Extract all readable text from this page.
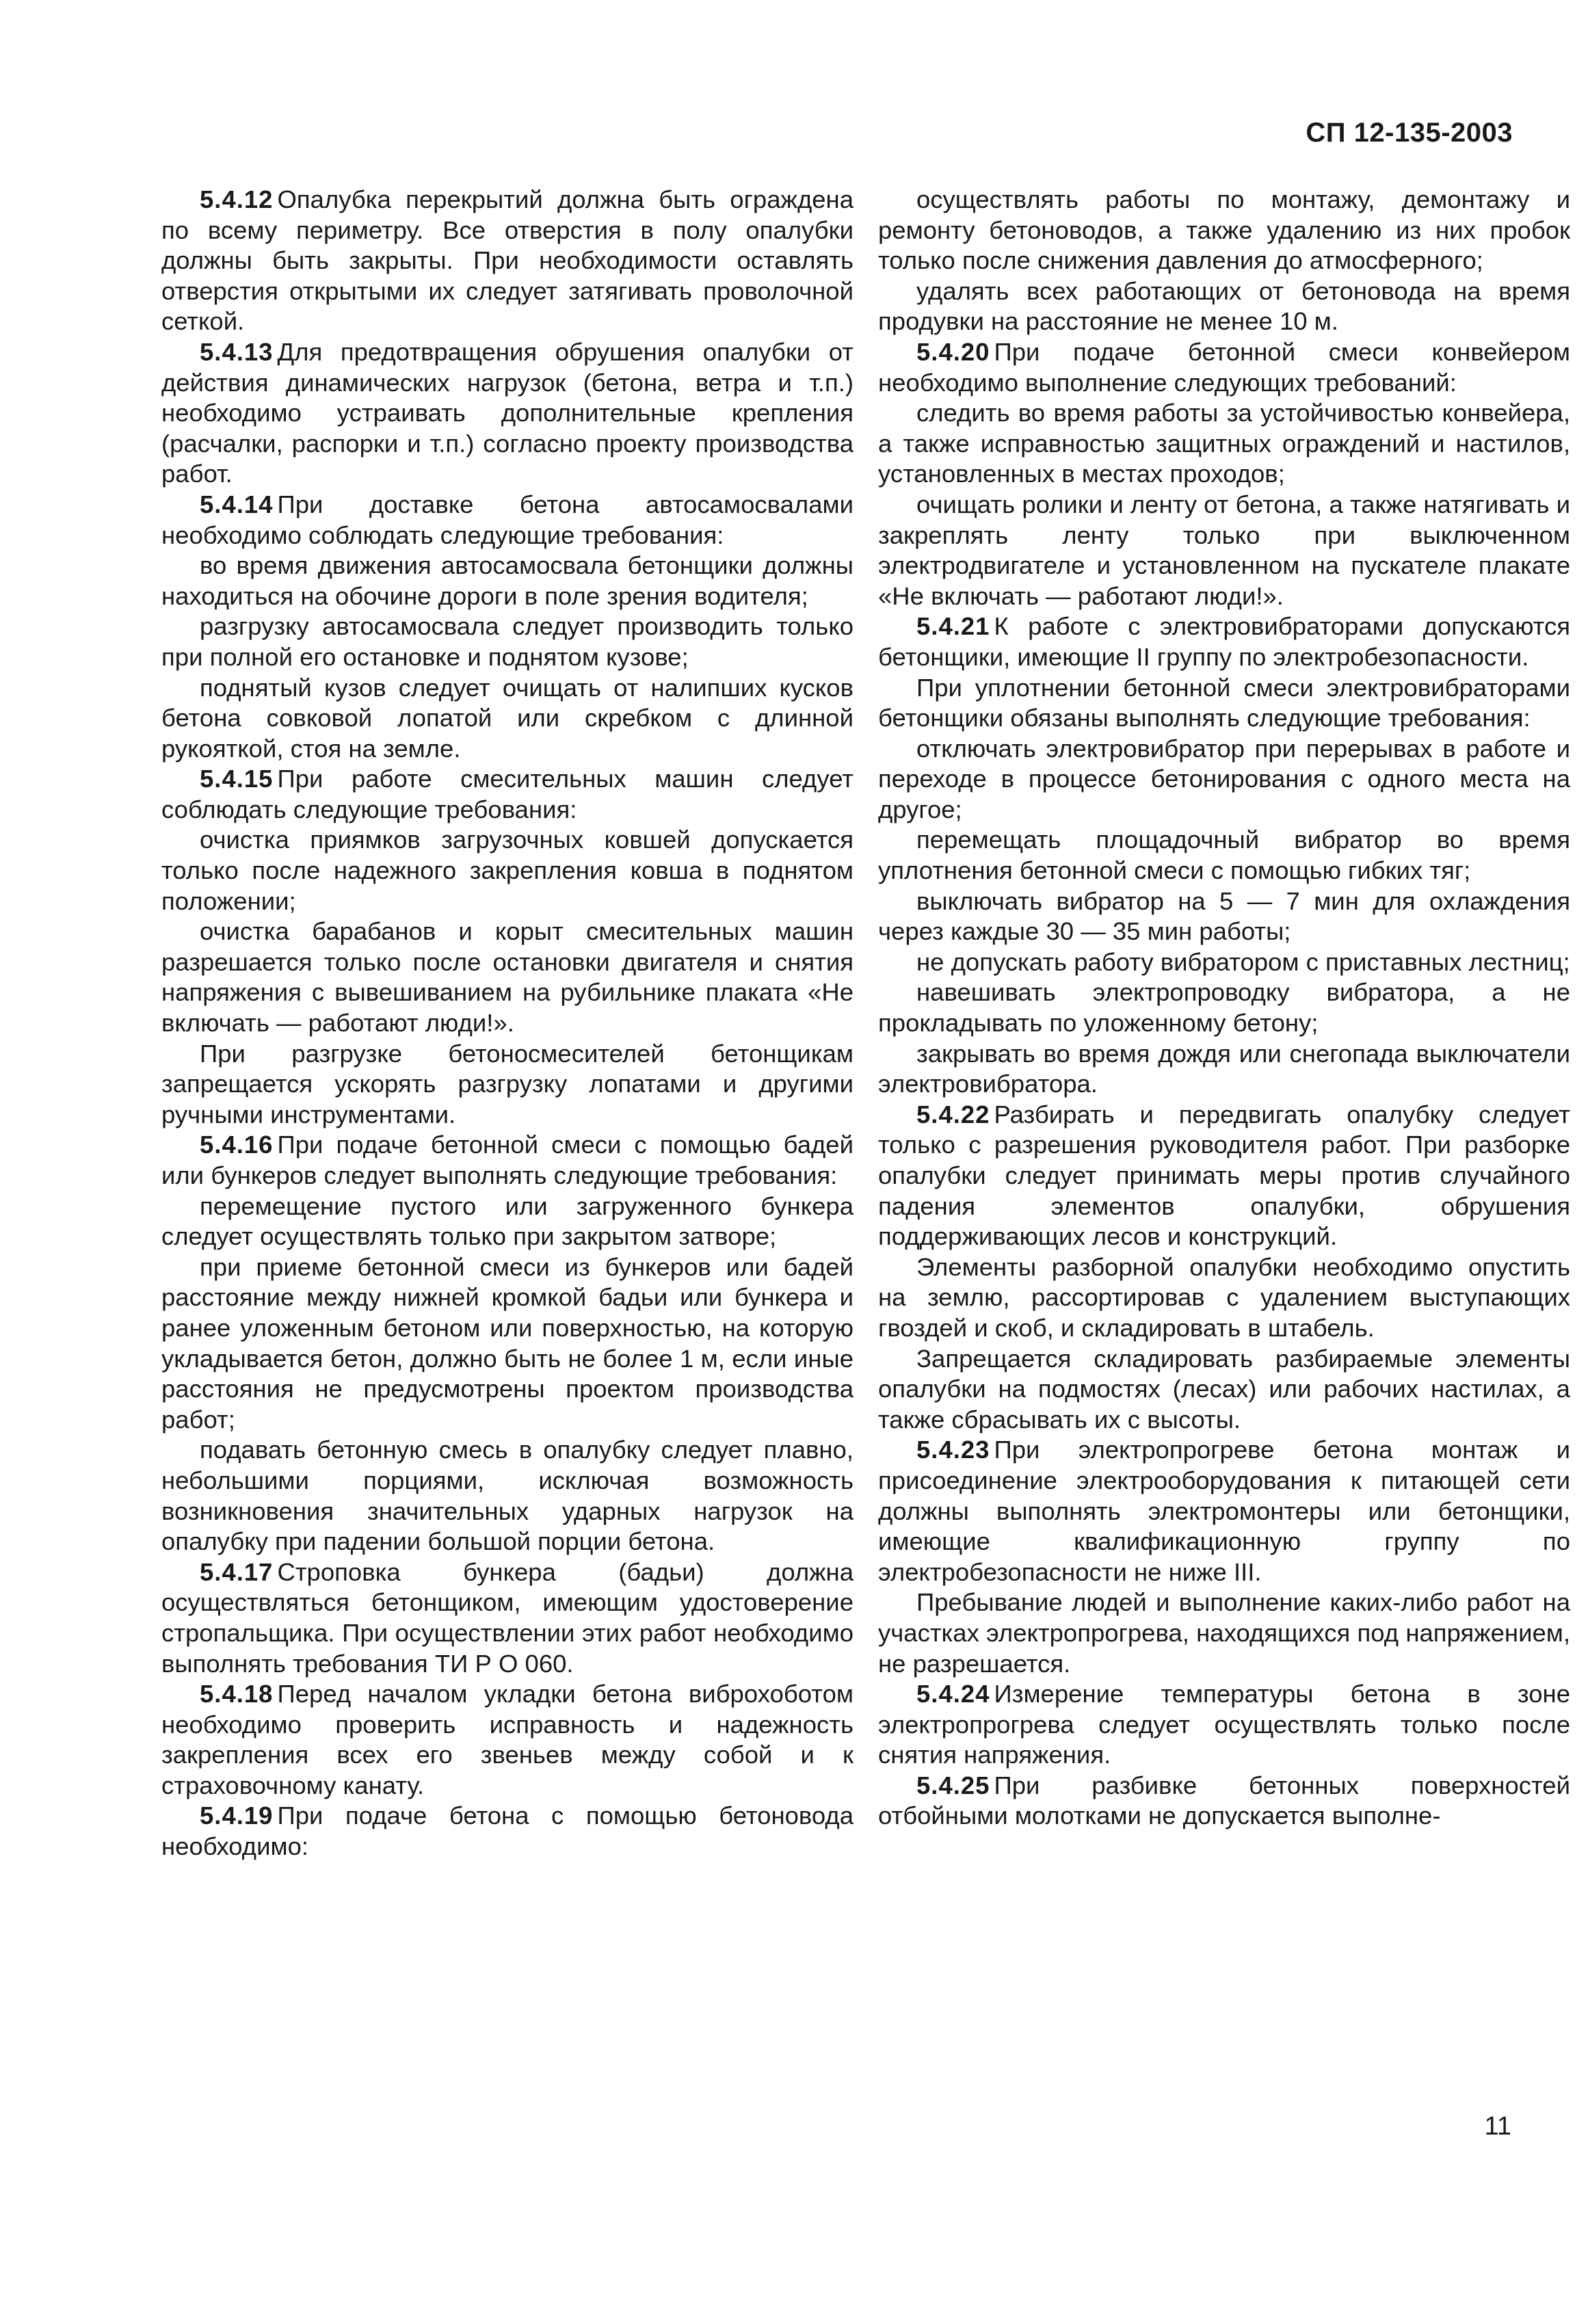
СП 12-135-2003

5.4.12 Опалубка перекрытий должна быть ограждена по всему периметру. Все отверстия в полу опалубки должны быть закрыты. При необходимости оставлять отверстия открытыми их следует затягивать проволочной сеткой.

5.4.13 Для предотвращения обрушения опалубки от действия динамических нагрузок (бетона, ветра и т.п.) необходимо устраивать дополнительные крепления (расчалки, распорки и т.п.) согласно проекту производства работ.

5.4.14 При доставке бетона автосамосвалами необходимо соблюдать следующие требования:

во время движения автосамосвала бетонщики должны находиться на обочине дороги в поле зрения водителя;

разгрузку автосамосвала следует производить только при полной его остановке и поднятом кузове;

поднятый кузов следует очищать от налипших кусков бетона совковой лопатой или скребком с длинной рукояткой, стоя на земле.

5.4.15 При работе смесительных машин следует соблюдать следующие требования:

очистка приямков загрузочных ковшей допускается только после надежного закрепления ковша в поднятом положении;

очистка барабанов и корыт смесительных машин разрешается только после остановки двигателя и снятия напряжения с вывешиванием на рубильнике плаката «Не включать — работают люди!».

При разгрузке бетоносмесителей бетонщикам запрещается ускорять разгрузку лопатами и другими ручными инструментами.

5.4.16 При подаче бетонной смеси с помощью бадей или бункеров следует выполнять следующие требования:

перемещение пустого или загруженного бункера следует осуществлять только при закрытом затворе;

при приеме бетонной смеси из бункеров или бадей расстояние между нижней кромкой бадьи или бункера и ранее уложенным бетоном или поверхностью, на которую укладывается бетон, должно быть не более 1 м, если иные расстояния не предусмотрены проектом производства работ;

подавать бетонную смесь в опалубку следует плавно, небольшими порциями, исключая возможность возникновения значительных ударных нагрузок на опалубку при падении большой порции бетона.

5.4.17 Строповка бункера (бадьи) должна осуществляться бетонщиком, имеющим удостоверение стропальщика. При осуществлении этих работ необходимо выполнять требования ТИ Р О 060.

5.4.18 Перед началом укладки бетона виброхоботом необходимо проверить исправность и надежность закрепления всех его звеньев между собой и к страховочному канату.

5.4.19 При подаче бетона с помощью бетоновода необходимо:

осуществлять работы по монтажу, демонтажу и ремонту бетоноводов, а также удалению из них пробок только после снижения давления до атмосферного;

удалять всех работающих от бетоновода на время продувки на расстояние не менее 10 м.

5.4.20 При подаче бетонной смеси конвейером необходимо выполнение следующих требований:

следить во время работы за устойчивостью конвейера, а также исправностью защитных ограждений и настилов, установленных в местах проходов;

очищать ролики и ленту от бетона, а также натягивать и закреплять ленту только при выключенном электродвигателе и установленном на пускателе плакате «Не включать — работают люди!».

5.4.21 К работе с электровибраторами допускаются бетонщики, имеющие II группу по электробезопасности.

При уплотнении бетонной смеси электровибраторами бетонщики обязаны выполнять следующие требования:

отключать электровибратор при перерывах в работе и переходе в процессе бетонирования с одного места на другое;

перемещать площадочный вибратор во время уплотнения бетонной смеси с помощью гибких тяг;

выключать вибратор на 5 — 7 мин для охлаждения через каждые 30 — 35 мин работы;

не допускать работу вибратором с приставных лестниц;

навешивать электропроводку вибратора, а не прокладывать по уложенному бетону;

закрывать во время дождя или снегопада выключатели электровибратора.

5.4.22 Разбирать и передвигать опалубку следует только с разрешения руководителя работ. При разборке опалубки следует принимать меры против случайного падения элементов опалубки, обрушения поддерживающих лесов и конструкций.

Элементы разборной опалубки необходимо опустить на землю, рассортировав с удалением выступающих гвоздей и скоб, и складировать в штабель.

Запрещается складировать разбираемые элементы опалубки на подмостях (лесах) или рабочих настилах, а также сбрасывать их с высоты.

5.4.23 При электропрогреве бетона монтаж и присоединение электрооборудования к питающей сети должны выполнять электромонтеры или бетонщики, имеющие квалификационную группу по электробезопасности не ниже III.

Пребывание людей и выполнение каких-либо работ на участках электропрогрева, находящихся под напряжением, не разрешается.

5.4.24 Измерение температуры бетона в зоне электропрогрева следует осуществлять только после снятия напряжения.

5.4.25 При разбивке бетонных поверхностей отбойными молотками не допускается выполне-

11
